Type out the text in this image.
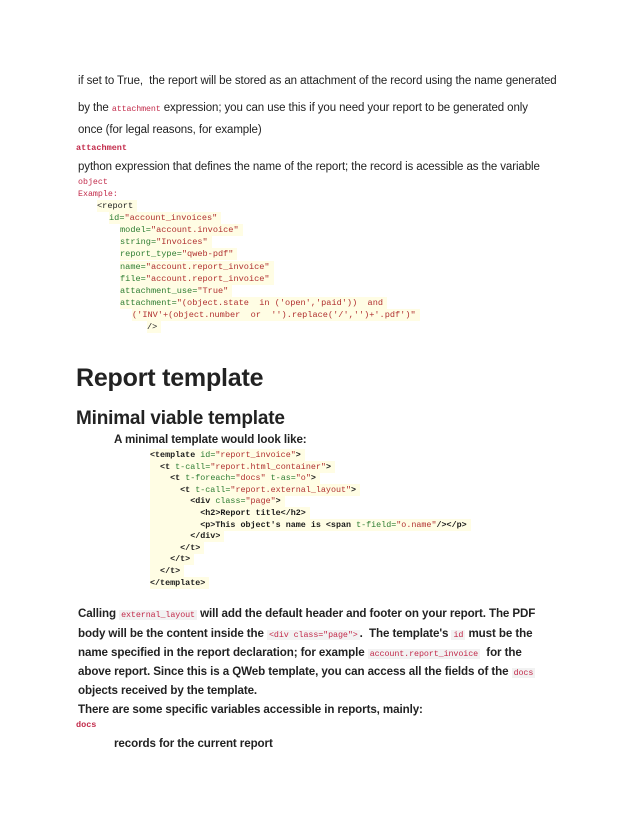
if set to True,  the report will be stored as an attachment of the record using the name generated
by the attachment expression; you can use this if you need your report to be generated only
once (for legal reasons, for example)
attachment
python expression that defines the name of the report; the record is acessible as the variable
object
Example:
<report
id="account_invoices"
model="account.invoice"
string="Invoices"
report_type="qweb-pdf"
name="account.report_invoice"
file="account.report_invoice"
attachment_use="True"
attachment="(object.state  in ('open','paid'))  and
('INV'+(object.number  or  '').replace('/','')+'.pdf')"
/>
Report template
Minimal viable template
A minimal template would look like:
<template id="report_invoice">
<t t-call="report.html_container">
<t t-foreach="docs" t-as="o">
<t t-call="report.external_layout">
<div class="page">
<h2>Report title</h2>
<p>This object's name is <span t-field="o.name"/></p>
</div>
</t>
</t>
</t>
</template>
Calling external_layout will add the default header and footer on your report. The PDF
body will be the content inside the <div class="page"> .  The template's id must be the
name specified in the report declaration; for example account.report_invoice  for the
above report. Since this is a QWeb template, you can access all the fields of the docs
objects received by the template.
There are some specific variables accessible in reports, mainly:
docs
records for the current report
